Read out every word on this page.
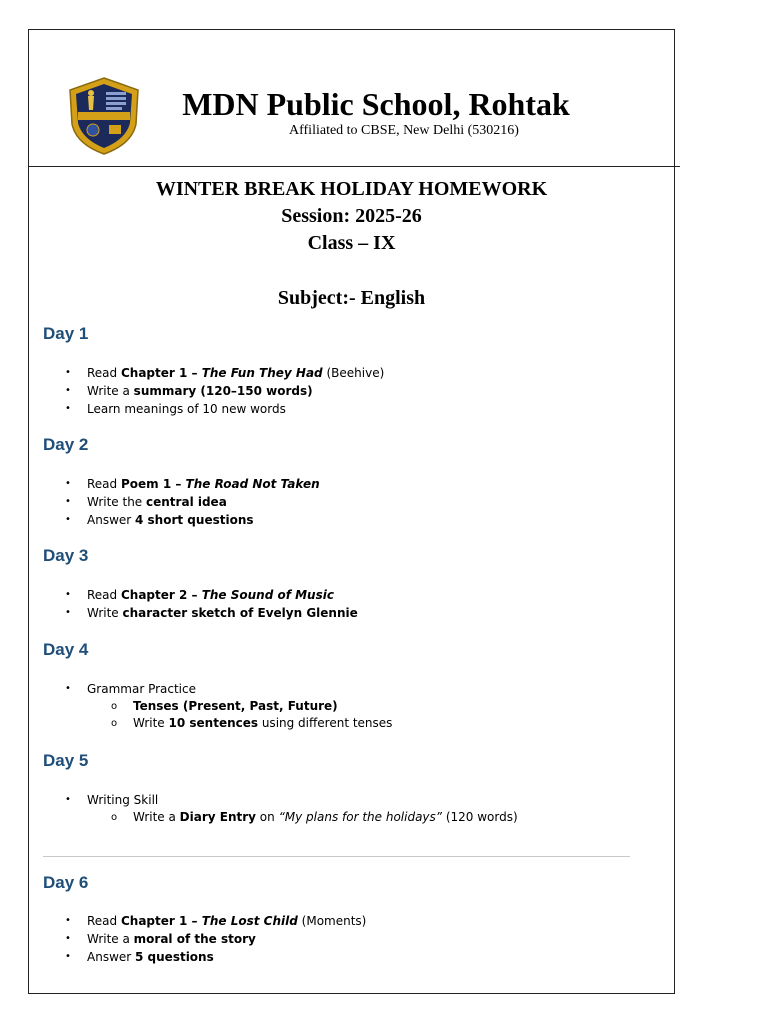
MDN Public School, Rohtak
Affiliated to CBSE, New Delhi (530216)
WINTER BREAK HOLIDAY HOMEWORK
Session: 2025-26
Class – IX
Subject:- English
Day 1
• Read Chapter 1 – The Fun They Had (Beehive)
• Write a summary (120–150 words)
• Learn meanings of 10 new words
Day 2
• Read Poem 1 – The Road Not Taken
• Write the central idea
• Answer 4 short questions
Day 3
• Read Chapter 2 – The Sound of Music
• Write character sketch of Evelyn Glennie
Day 4
• Grammar Practice
o Tenses (Present, Past, Future)
o Write 10 sentences using different tenses
Day 5
• Writing Skill
o Write a Diary Entry on “My plans for the holidays” (120 words)
Day 6
• Read Chapter 1 – The Lost Child (Moments)
• Write a moral of the story
• Answer 5 questions
